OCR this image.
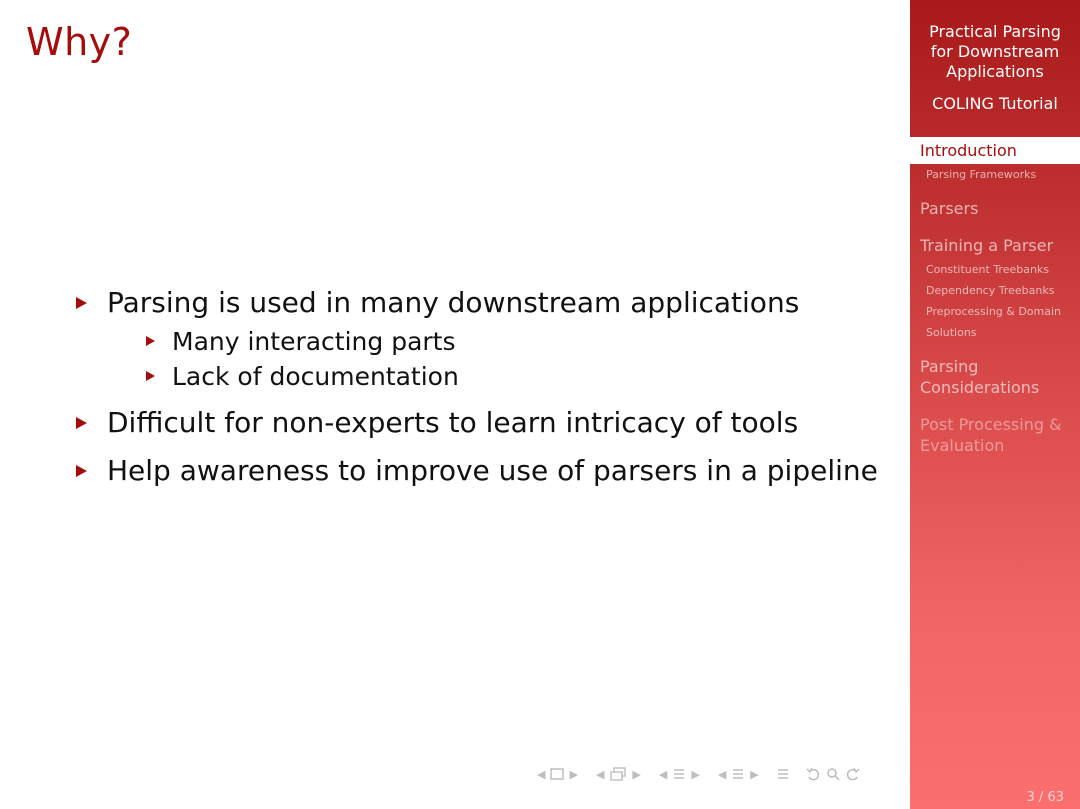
Why?
Parsing is used in many downstream applications
Many interacting parts
Lack of documentation
Difficult for non-experts to learn intricacy of tools
Help awareness to improve use of parsers in a pipeline
◀ ▶ ◀	▶ ◀ ▶ ◀ ▶
Practical Parsing for Downstream Applications
COLING Tutorial
Introduction
Parsing Frameworks
Parsers
Training a Parser
Constituent Treebanks
Dependency Treebanks
Preprocessing & Domain
Solutions
Parsing Considerations
Post Processing & Evaluation
3 / 63
